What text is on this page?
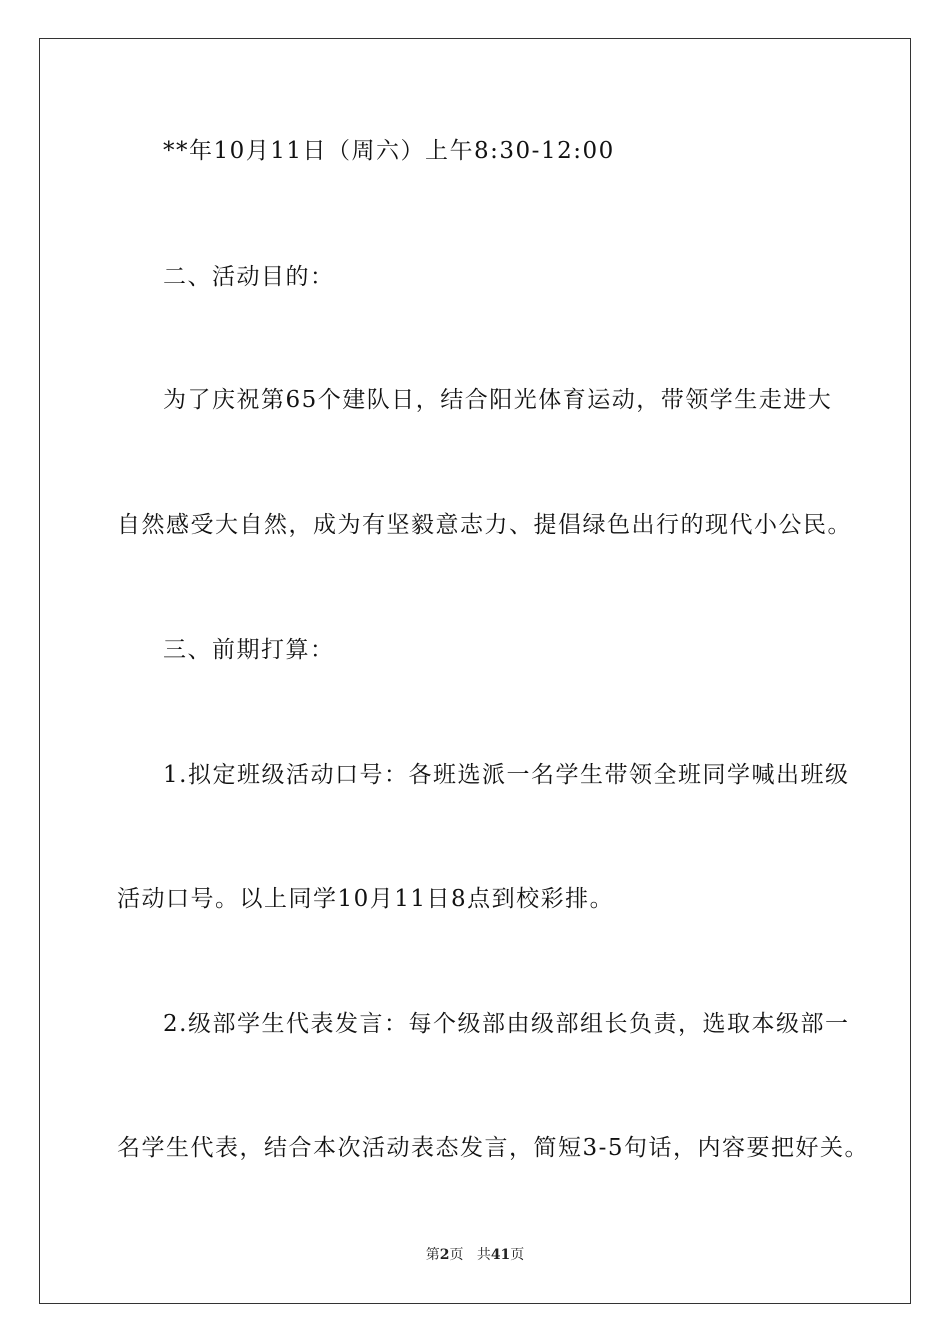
**年10月11日（周六）上午8:30-12:00
二、活动目的：
为了庆祝第65个建队日，结合阳光体育运动，带领学生走进大
自然感受大自然，成为有坚毅意志力、提倡绿色出行的现代小公民。
三、前期打算：
1.拟定班级活动口号：各班选派一名学生带领全班同学喊出班级
活动口号。以上同学10月11日8点到校彩排。
2.级部学生代表发言：每个级部由级部组长负责，选取本级部一
名学生代表，结合本次活动表态发言，简短3-5句话，内容要把好关。
第2页 共41页
